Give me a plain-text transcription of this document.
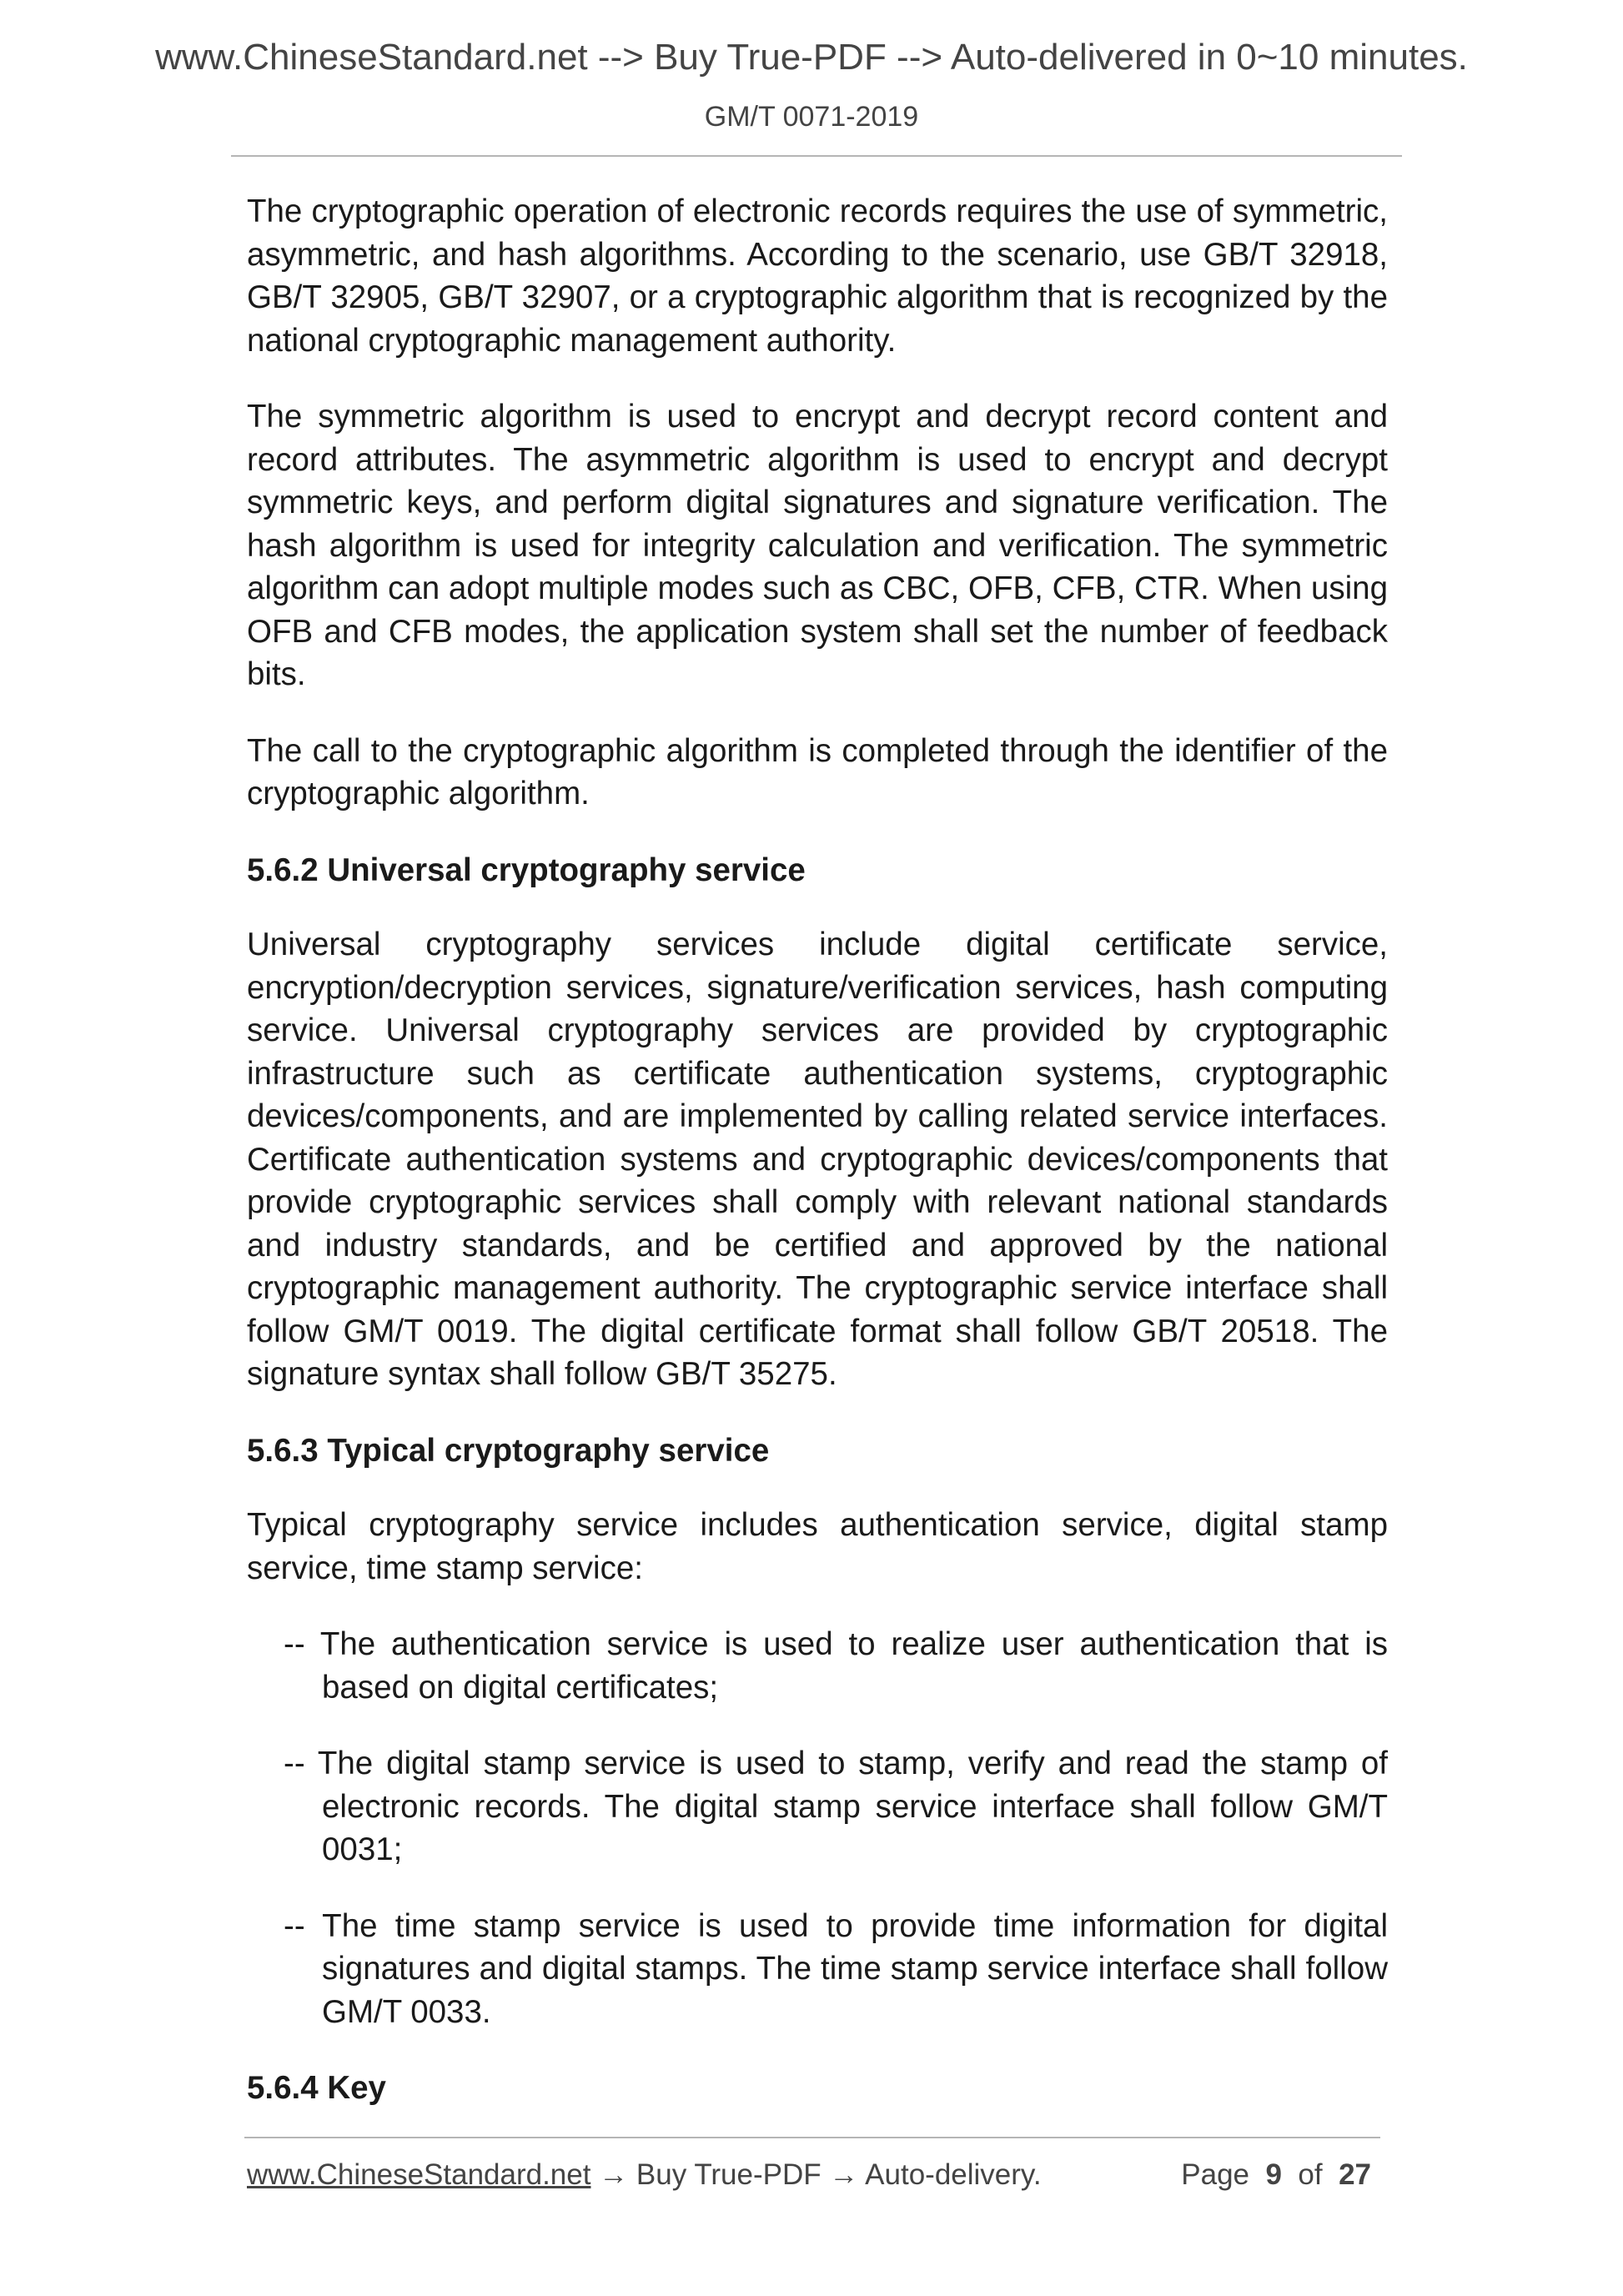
www.ChineseStandard.net --> Buy True-PDF --> Auto-delivered in 0~10 minutes.
GM/T 0071-2019

The cryptographic operation of electronic records requires the use of symmetric, asymmetric, and hash algorithms. According to the scenario, use GB/T 32918, GB/T 32905, GB/T 32907, or a cryptographic algorithm that is recognized by the national cryptographic management authority.

The symmetric algorithm is used to encrypt and decrypt record content and record attributes. The asymmetric algorithm is used to encrypt and decrypt symmetric keys, and perform digital signatures and signature verification. The hash algorithm is used for integrity calculation and verification. The symmetric algorithm can adopt multiple modes such as CBC, OFB, CFB, CTR. When using OFB and CFB modes, the application system shall set the number of feedback bits.

The call to the cryptographic algorithm is completed through the identifier of the cryptographic algorithm.

5.6.2 Universal cryptography service

Universal cryptography services include digital certificate service, encryption/decryption services, signature/verification services, hash computing service. Universal cryptography services are provided by cryptographic infrastructure such as certificate authentication systems, cryptographic devices/components, and are implemented by calling related service interfaces. Certificate authentication systems and cryptographic devices/components that provide cryptographic services shall comply with relevant national standards and industry standards, and be certified and approved by the national cryptographic management authority. The cryptographic service interface shall follow GM/T 0019. The digital certificate format shall follow GB/T 20518. The signature syntax shall follow GB/T 35275.

5.6.3 Typical cryptography service

Typical cryptography service includes authentication service, digital stamp service, time stamp service:

-- The authentication service is used to realize user authentication that is based on digital certificates;
-- The digital stamp service is used to stamp, verify and read the stamp of electronic records. The digital stamp service interface shall follow GM/T 0031;
-- The time stamp service is used to provide time information for digital signatures and digital stamps. The time stamp service interface shall follow GM/T 0033.
5.6.4 Key
www.ChineseStandard.net → Buy True-PDF → Auto-delivery.	Page 9 of 27
